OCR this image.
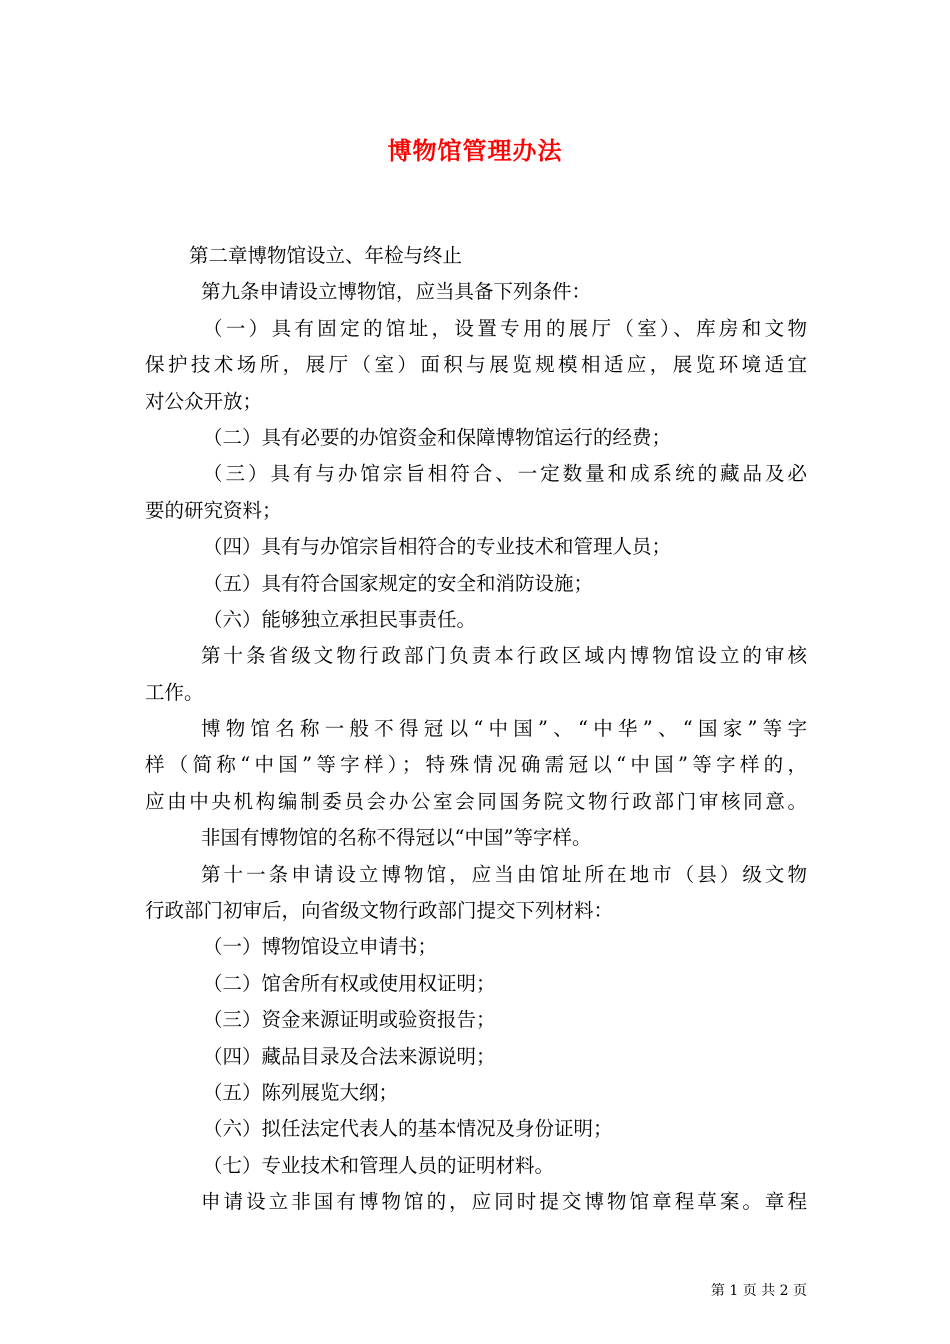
博物馆管理办法
第二章博物馆设立、年检与终止
第九条申请设立博物馆，应当具备下列条件：
（一）具有固定的馆址，设置专用的展厅（室）、库房和文物
保护技术场所，展厅（室）面积与展览规模相适应，展览环境适宜
对公众开放；
（二）具有必要的办馆资金和保障博物馆运行的经费；
（三）具有与办馆宗旨相符合、一定数量和成系统的藏品及必
要的研究资料；
（四）具有与办馆宗旨相符合的专业技术和管理人员；
（五）具有符合国家规定的安全和消防设施；
（六）能够独立承担民事责任。
第十条省级文物行政部门负责本行政区域内博物馆设立的审核
工作。
博物馆名称一般不得冠以“中国”、“中华”、“国家”等字
样（简称“中国”等字样）；特殊情况确需冠以“中国”等字样的，
应由中央机构编制委员会办公室会同国务院文物行政部门审核同意。
非国有博物馆的名称不得冠以“中国”等字样。
第十一条申请设立博物馆，应当由馆址所在地市（县）级文物
行政部门初审后，向省级文物行政部门提交下列材料：
（一）博物馆设立申请书；
（二）馆舍所有权或使用权证明；
（三）资金来源证明或验资报告；
（四）藏品目录及合法来源说明；
（五）陈列展览大纲；
（六）拟任法定代表人的基本情况及身份证明；
（七）专业技术和管理人员的证明材料。
申请设立非国有博物馆的，应同时提交博物馆章程草案。章程
第 1 页 共 2 页
